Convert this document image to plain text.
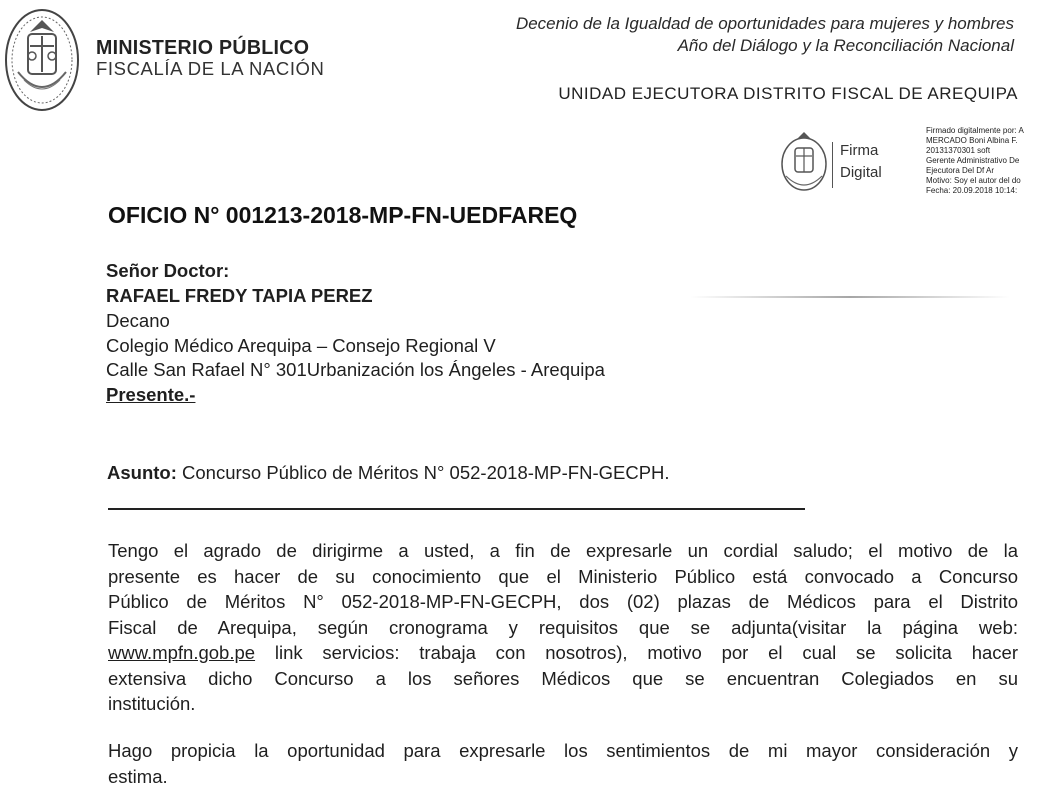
MINISTERIO PÚBLICO
FISCALÍA DE LA NACIÓN
Decenio de la Igualdad de oportunidades para mujeres y hombres
Año del Diálogo y la Reconciliación Nacional
UNIDAD EJECUTORA DISTRITO FISCAL DE AREQUIPA
Firma
Digital
Firmado digitalmente por: A
MERCADO Boni Albina F.
20131370301 soft
Gerente Administrativo De
Ejecutora Del Df Ar
Motivo: Soy el autor del do
Fecha: 20.09.2018 10:14:
OFICIO N° 001213-2018-MP-FN-UEDFAREQ
Señor Doctor:
RAFAEL FREDY TAPIA PEREZ
Decano
Colegio Médico Arequipa – Consejo Regional V
Calle San Rafael N° 301Urbanización los Ángeles - Arequipa
Presente.-
Asunto: Concurso Público de Méritos N° 052-2018-MP-FN-GECPH.
Tengo el agrado de dirigirme a usted, a fin de expresarle un cordial saludo; el motivo de la
presente es hacer de su conocimiento que el Ministerio Público está convocado a Concurso
Público de Méritos N° 052-2018-MP-FN-GECPH, dos (02) plazas de Médicos para el Distrito
Fiscal de Arequipa, según cronograma y requisitos que se adjunta(visitar la página web:
www.mpfn.gob.pe link servicios: trabaja con nosotros), motivo por el cual se solicita hacer
extensiva dicho Concurso a los señores Médicos que se encuentran Colegiados en su
institución.
Hago propicia la oportunidad para expresarle los sentimientos de mi mayor consideración y
estima.
